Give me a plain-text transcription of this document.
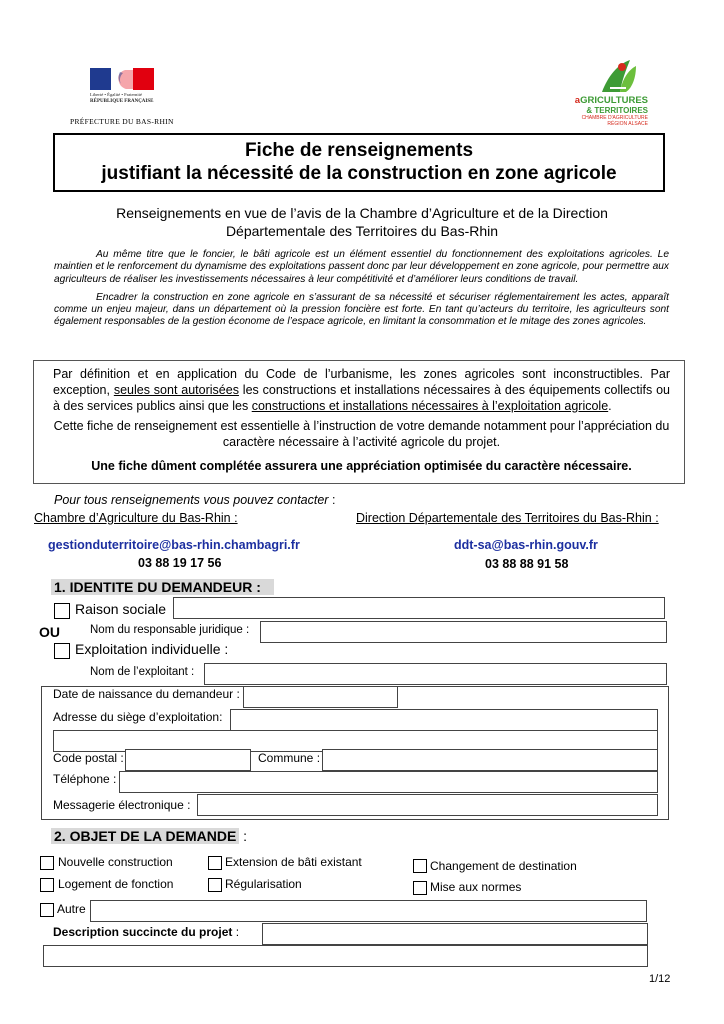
Liberté • Égalité • Fraternité
RÉPUBLIQUE FRANÇAISE
PRÉFECTURE DU BAS-RHIN
aGRICULTURES
& TERRITOIRES
CHAMBRE D'AGRICULTURE
RÉGION ALSACE
Fiche de renseignements
justifiant la nécessité de la construction en zone agricole
Renseignements en vue de l’avis de la Chambre d’Agriculture et de la Direction
Départementale des Territoires du Bas-Rhin

Au même titre que le foncier, le bâti agricole est un élément essentiel du fonctionnement des exploitations agricoles. Le maintien et le renforcement du dynamisme des exploitations passent donc par leur développement en zone agricole, pour permettre aux agriculteurs de réaliser les investissements nécessaires à leur compétitivité et d’améliorer leurs conditions de travail.

Encadrer la construction en zone agricole en s’assurant de sa nécessité et sécuriser réglementairement les actes, apparaît comme un enjeu majeur, dans un département où la pression foncière est forte. En tant qu’acteurs du territoire, les agriculteurs sont également responsables de la gestion économe de l’espace agricole, en limitant la consommation et le mitage des zones agricoles.

Par définition et en application du Code de l’urbanisme, les zones agricoles sont inconstructibles. Par exception, seules sont autorisées les constructions et installations nécessaires à des équipements collectifs ou à des services publics ainsi que les constructions et installations nécessaires à l’exploitation agricole.
Cette fiche de renseignement est essentielle à l’instruction de votre demande notamment pour l’appréciation du caractère nécessaire à l’activité agricole du projet.
Une fiche dûment complétée assurera une appréciation optimisée du caractère nécessaire.
Pour tous renseignements vous pouvez contacter :
Chambre d’Agriculture du Bas-Rhin :	Direction Départementale des Territoires du Bas-Rhin :
gestionduterritoire@bas-rhin.chambagri.fr
03 88 19 17 56
ddt-sa@bas-rhin.gouv.fr
03 88 88 91 58
1. IDENTITE DU DEMANDEUR :
Raison sociale
OU	Nom du responsable juridique :
Exploitation individuelle :
Nom de l’exploitant :
Date de naissance du demandeur :
Adresse du siège d’exploitation:
Code postal :	Commune :
Téléphone :
Messagerie électronique :
2. OBJET DE LA DEMANDE :
Nouvelle construction	Extension de bâti existant	Changement de destination
Logement de fonction	Régularisation	Mise aux normes
Autre
Description succincte du projet :
1/12
